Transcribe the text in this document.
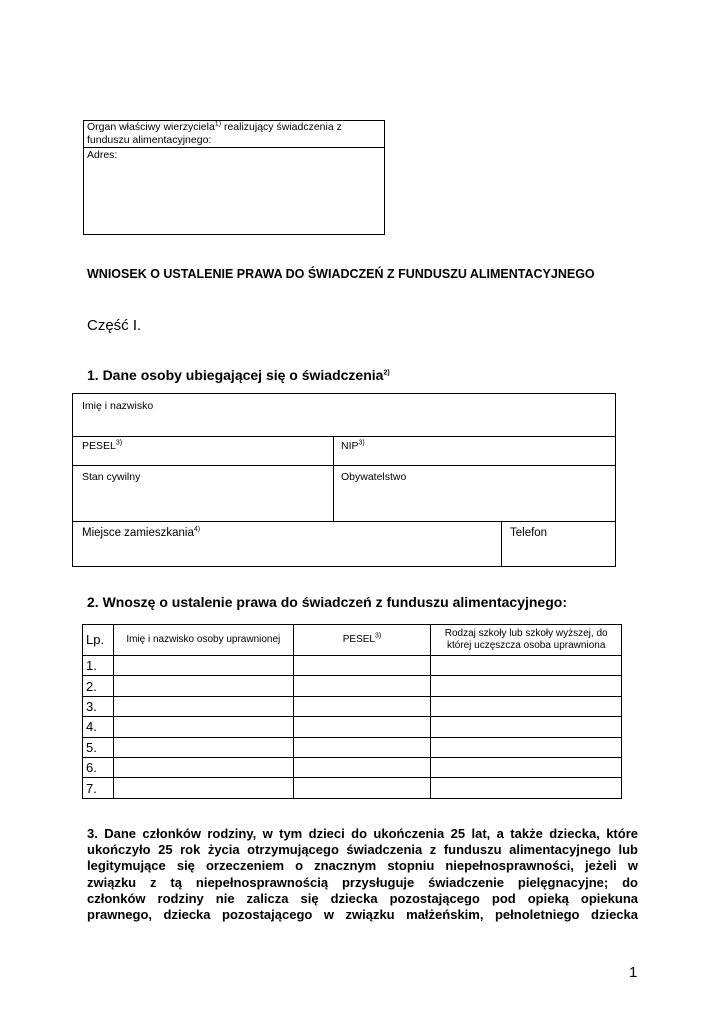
Organ właściwy wierzyciela$^{1)}$ realizujący świadczenia z funduszu alimentacyjnego:
Adres:
WNIOSEK O USTALENIE PRAWA DO ŚWIADCZEŃ Z FUNDUSZU ALIMENTACYJNEGO
Część I.
1. Dane osoby ubiegającej się o świadczenia$^{2)}$
Imię i nazwisko
PESEL$^{3)}$	NIP$^{3)}$
Stan cywilny	Obywatelstwo
Miejsce zamieszkania$^{4)}$	Telefon
2. Wnoszę o ustalenie prawa do świadczeń z funduszu alimentacyjnego:
Lp.	Imię i nazwisko osoby uprawnionej	PESEL$^{3)}$	Rodzaj szkoły lub szkoły wyższej, do której uczęszcza osoba uprawniona
1.			
2.			
3.			
4.			
5.			
6.			
7.			

3. Dane członków rodziny, w tym dzieci do ukończenia 25 lat, a także dziecka, które

ukończyło 25 rok życia otrzymującego świadczenia z funduszu alimentacyjnego lub

legitymujące się orzeczeniem o znacznym stopniu niepełnosprawności, jeżeli w

związku z tą niepełnosprawnością przysługuje świadczenie pielęgnacyjne; do

członków rodziny nie zalicza się dziecka pozostającego pod opieką opiekuna

prawnego, dziecka pozostającego w związku małżeńskim, pełnoletniego dziecka

1
